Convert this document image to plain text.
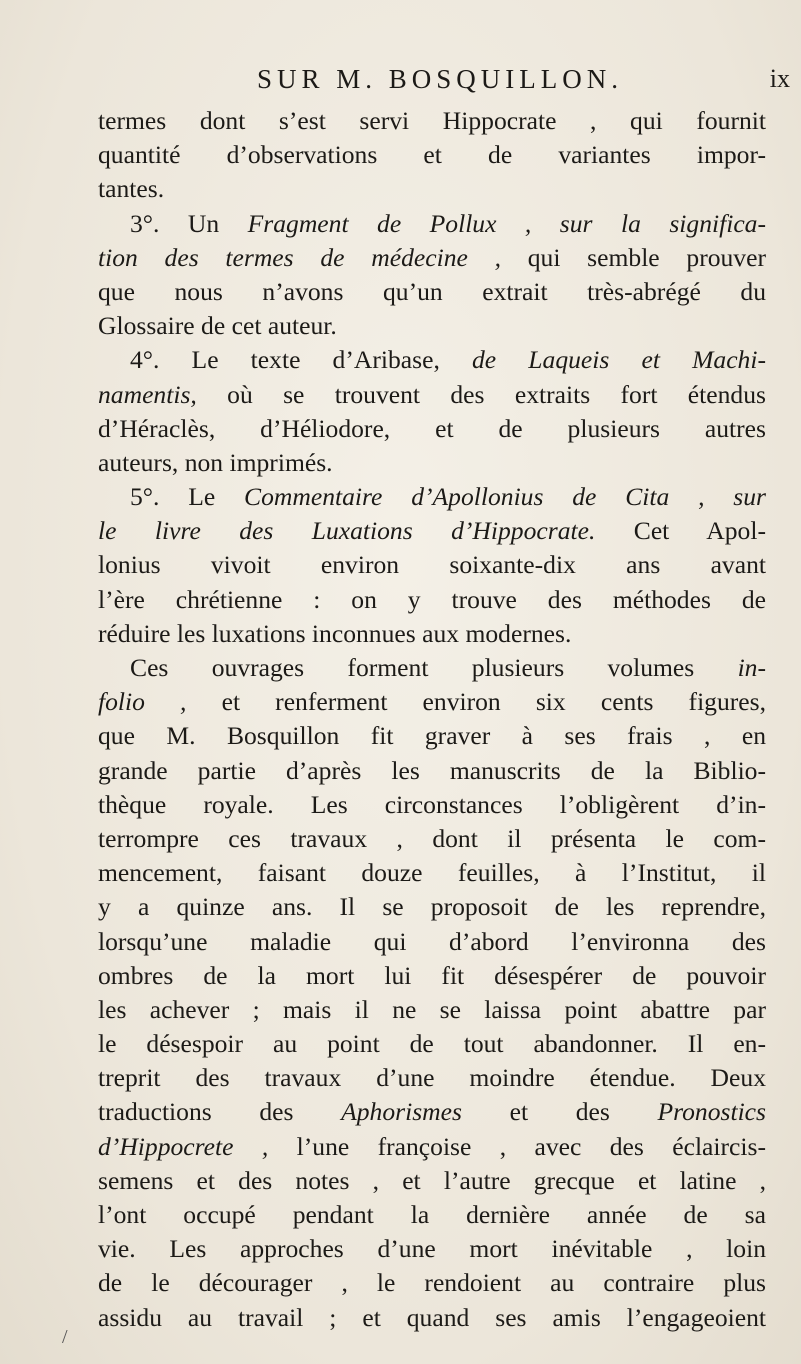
SUR M. BOSQUILLON.	ix
termes dont s’est servi Hippocrate , qui fournit
quantité d’observations et de variantes impor-
tantes.
3°. Un Fragment de Pollux , sur la significa-
tion des termes de médecine , qui semble prouver
que nous n’avons qu’un extrait très-abrégé du
Glossaire de cet auteur.
4°. Le texte d’Aribase, de Laqueis et Machi-
namentis, où se trouvent des extraits fort étendus
d’Héraclès, d’Héliodore, et de plusieurs autres
auteurs, non imprimés.
5°. Le Commentaire d’Apollonius de Cita , sur
le livre des Luxations d’Hippocrate. Cet Apol-
lonius vivoit environ soixante-dix ans avant
l’ère chrétienne : on y trouve des méthodes de
réduire les luxations inconnues aux modernes.
Ces ouvrages forment plusieurs volumes in-
folio , et renferment environ six cents figures,
que M. Bosquillon fit graver à ses frais , en
grande partie d’après les manuscrits de la Biblio-
thèque royale. Les circonstances l’obligèrent d’in-
terrompre ces travaux , dont il présenta le com-
mencement, faisant douze feuilles, à l’Institut, il
y a quinze ans. Il se proposoit de les reprendre,
lorsqu’une maladie qui d’abord l’environna des
ombres de la mort lui fit désespérer de pouvoir
les achever ; mais il ne se laissa point abattre par
le désespoir au point de tout abandonner. Il en-
treprit des travaux d’une moindre étendue. Deux
traductions des Aphorismes et des Pronostics
d’Hippocrete , l’une françoise , avec des éclaircis-
semens et des notes , et l’autre grecque et latine ,
l’ont occupé pendant la dernière année de sa
vie. Les approches d’une mort inévitable , loin
de le décourager , le rendoient au contraire plus
assidu au travail ; et quand ses amis l’engageoient
/
